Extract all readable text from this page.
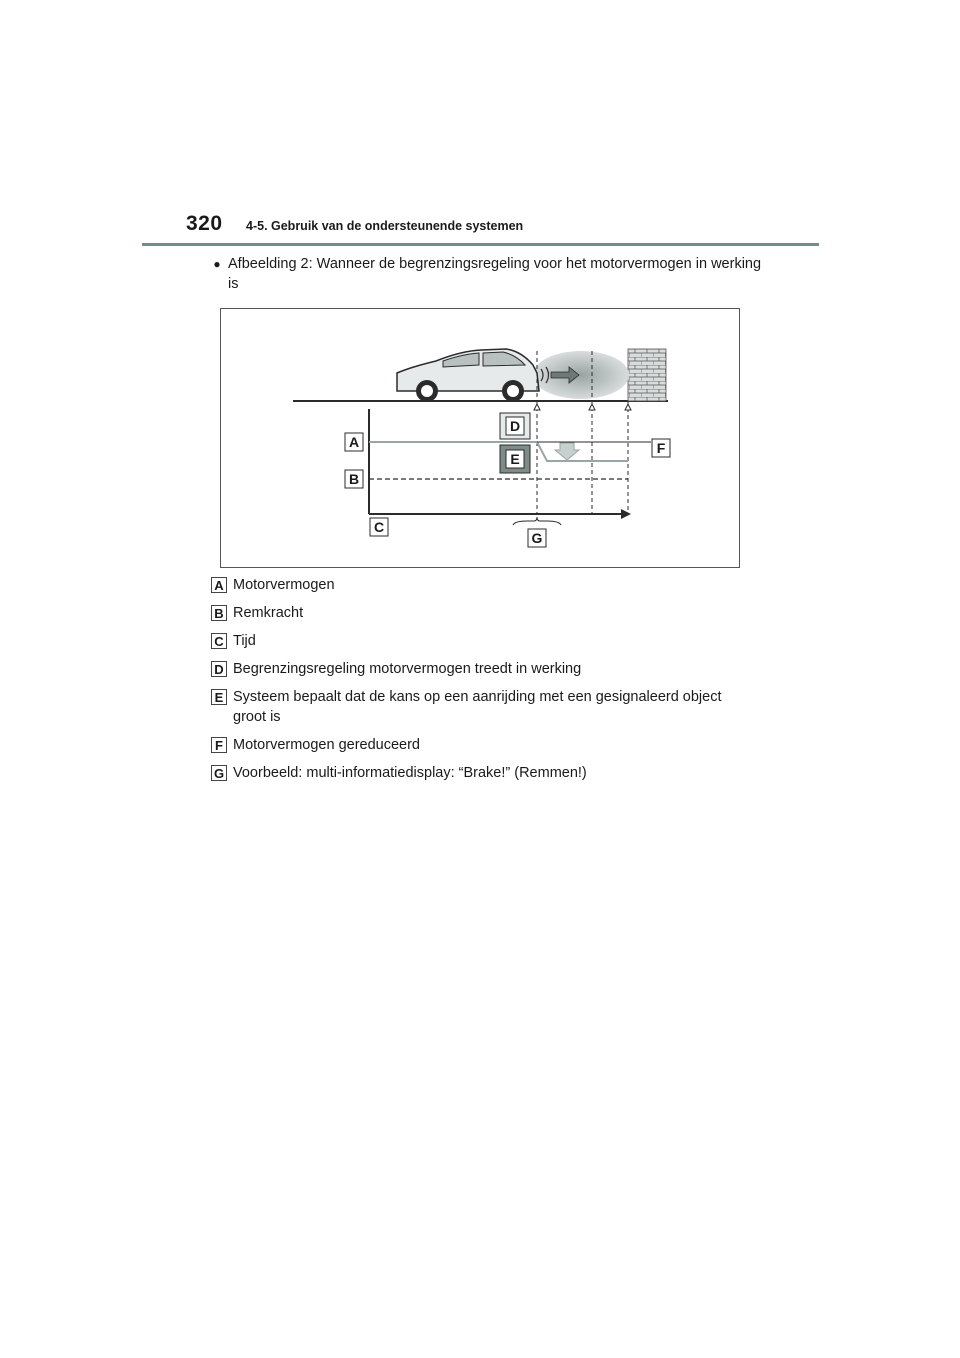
320 4-5. Gebruik van de ondersteunende systemen
● Afbeelding 2: Wanneer de begrenzingsregeling voor het motorvermogen in werking is
A
B
C
D
E
F
G
A Motorvermogen
B Remkracht
C Tijd
D Begrenzingsregeling motorvermogen treedt in werking
E Systeem bepaalt dat de kans op een aanrijding met een gesignaleerd object groot is
F Motorvermogen gereduceerd
G Voorbeeld: multi-informatiedisplay: “Brake!” (Remmen!)
